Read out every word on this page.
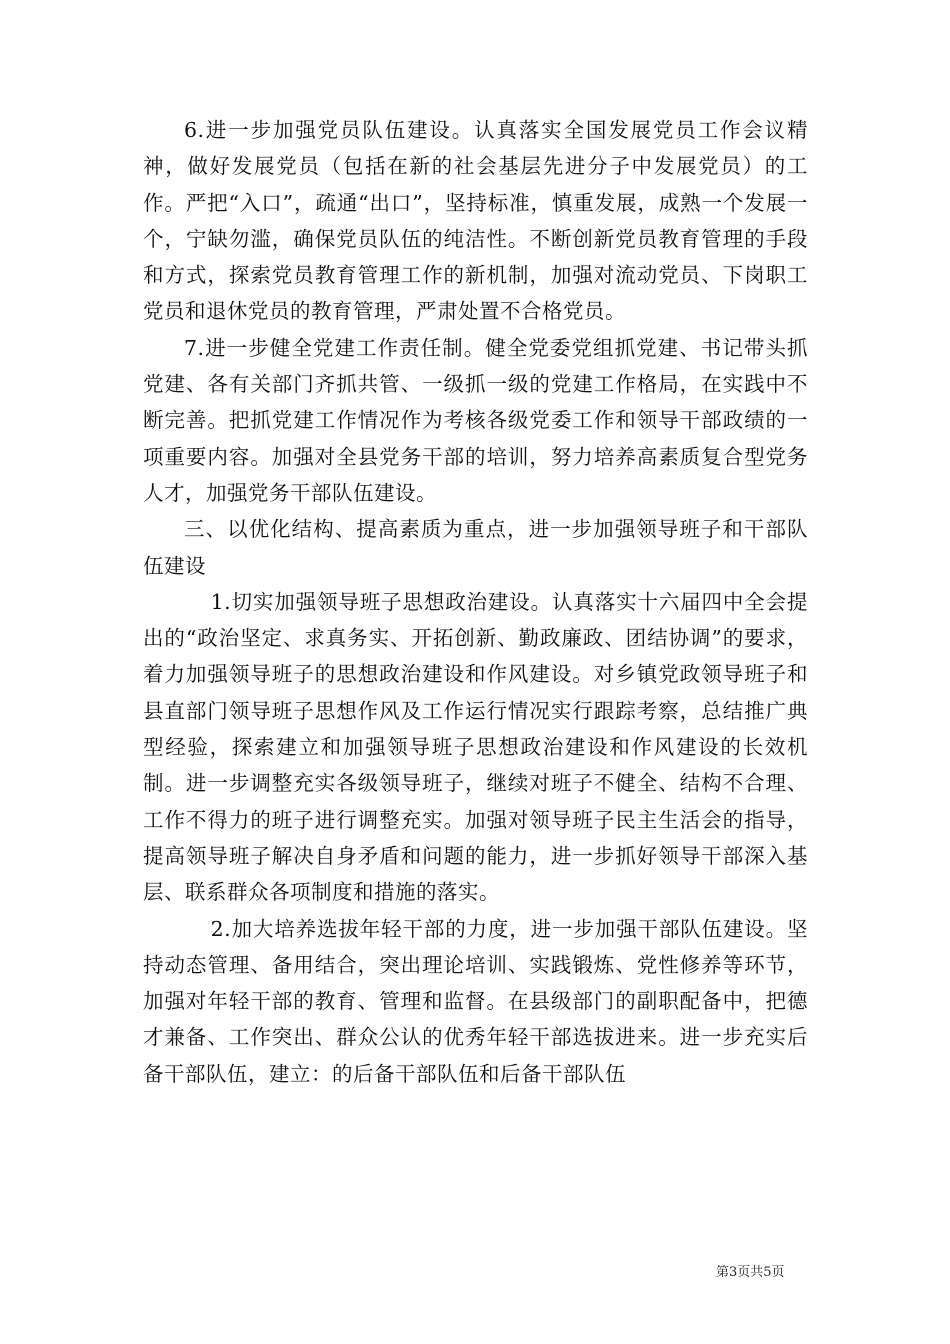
6.进一步加强党员队伍建设。认真落实全国发展党员工作会议精神，做好发展党员（包括在新的社会基层先进分子中发展党员）的工作。严把“入口”，疏通“出口”，坚持标准，慎重发展，成熟一个发展一个，宁缺勿滥，确保党员队伍的纯洁性。不断创新党员教育管理的手段和方式，探索党员教育管理工作的新机制，加强对流动党员、下岗职工党员和退休党员的教育管理，严肃处置不合格党员。

7.进一步健全党建工作责任制。健全党委党组抓党建、书记带头抓党建、各有关部门齐抓共管、一级抓一级的党建工作格局，在实践中不断完善。把抓党建工作情况作为考核各级党委工作和领导干部政绩的一项重要内容。加强对全县党务干部的培训，努力培养高素质复合型党务人才，加强党务干部队伍建设。

三、以优化结构、提高素质为重点，进一步加强领导班子和干部队伍建设

1.切实加强领导班子思想政治建设。认真落实十六届四中全会提出的“政治坚定、求真务实、开拓创新、勤政廉政、团结协调”的要求，着力加强领导班子的思想政治建设和作风建设。对乡镇党政领导班子和县直部门领导班子思想作风及工作运行情况实行跟踪考察，总结推广典型经验，探索建立和加强领导班子思想政治建设和作风建设的长效机制。进一步调整充实各级领导班子，继续对班子不健全、结构不合理、工作不得力的班子进行调整充实。加强对领导班子民主生活会的指导，提高领导班子解决自身矛盾和问题的能力，进一步抓好领导干部深入基层、联系群众各项制度和措施的落实。

2.加大培养选拔年轻干部的力度，进一步加强干部队伍建设。坚持动态管理、备用结合，突出理论培训、实践锻炼、党性修养等环节，加强对年轻干部的教育、管理和监督。在县级部门的副职配备中，把德才兼备、工作突出、群众公认的优秀年轻干部选拔进来。进一步充实后备干部队伍，建立：的后备干部队伍和后备干部队伍

第3页共5页
